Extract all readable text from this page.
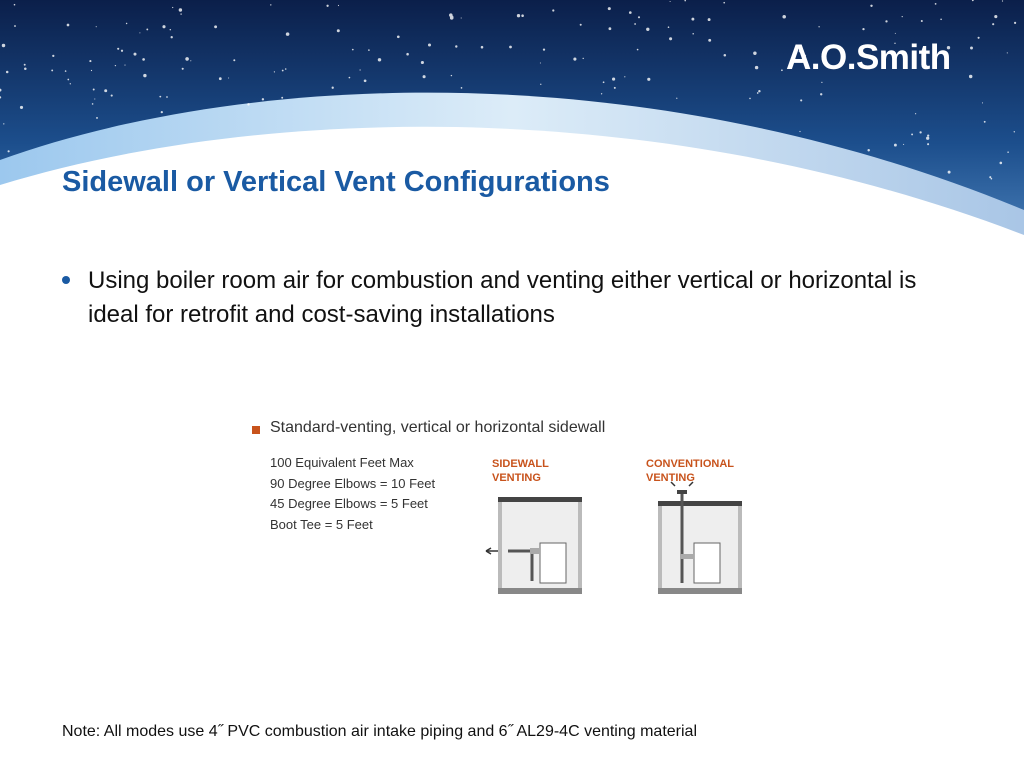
A.O.Smith
Sidewall or Vertical Vent Configurations
Using boiler room air for combustion and venting either vertical or horizontal is ideal for retrofit and cost-saving installations
Standard-venting, vertical or horizontal sidewall
100 Equivalent Feet Max
90 Degree Elbows = 10 Feet
45 Degree Elbows = 5 Feet
Boot Tee = 5 Feet
SIDEWALL
VENTING
CONVENTIONAL
VENTING
Note: All modes use 4˝ PVC combustion air intake piping and 6˝ AL29-4C venting material
